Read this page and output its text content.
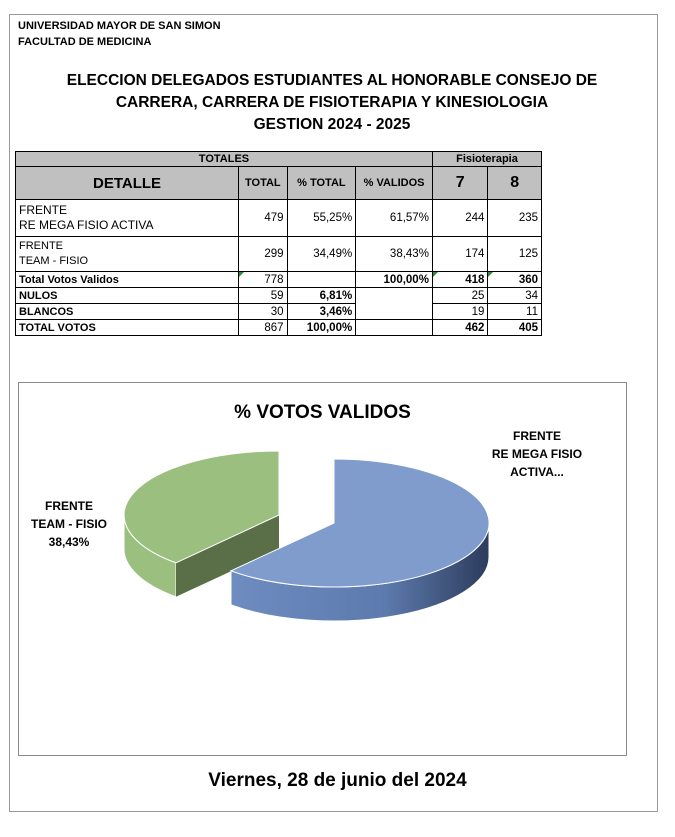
UNIVERSIDAD MAYOR DE SAN SIMON
FACULTAD DE MEDICINA
ELECCION DELEGADOS ESTUDIANTES AL HONORABLE CONSEJO DE
CARRERA, CARRERA DE FISIOTERAPIA Y KINESIOLOGIA
GESTION 2024 - 2025
TOTALES				Fisioterapia	
DETALLE	TOTAL	% TOTAL	% VALIDOS	7	8

FRENTE
RE MEGA FISIO ACTIVA	479	55,25%	61,57%	244	235

FRENTE
TEAM - FISIO	299	34,49%	38,43%	174	125
Total Votos Validos	778		100,00%	418	360
NULOS	59	6,81%		25	34
BLANCOS	30	3,46%		19	11
TOTAL VOTOS	867	100,00%		462	405
% VOTOS VALIDOS
FRENTE
RE MEGA FISIO
ACTIVA...
FRENTE
TEAM - FISIO
38,43%
Viernes, 28 de junio del 2024
